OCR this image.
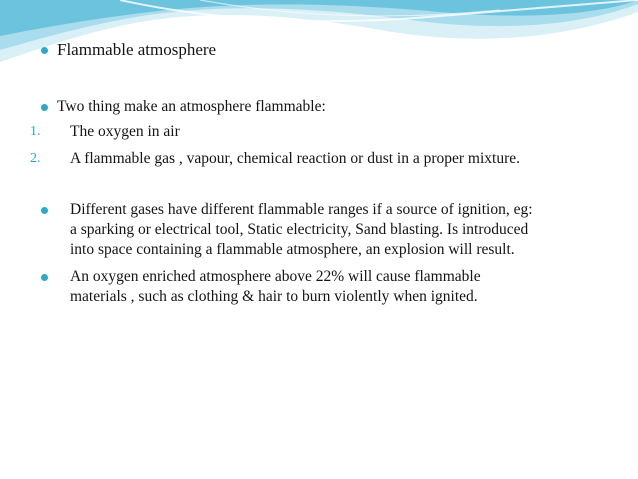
Flammable atmosphere
Two thing make an atmosphere flammable:
1. The oxygen in air
2. A flammable gas , vapour, chemical reaction or dust in a proper mixture.
Different gases have different flammable ranges if a source of ignition, eg:
a sparking or electrical tool, Static electricity, Sand blasting. Is introduced
into space containing a flammable atmosphere, an explosion will result.
An oxygen enriched atmosphere above 22% will cause flammable
materials , such as clothing & hair to burn violently when ignited.
